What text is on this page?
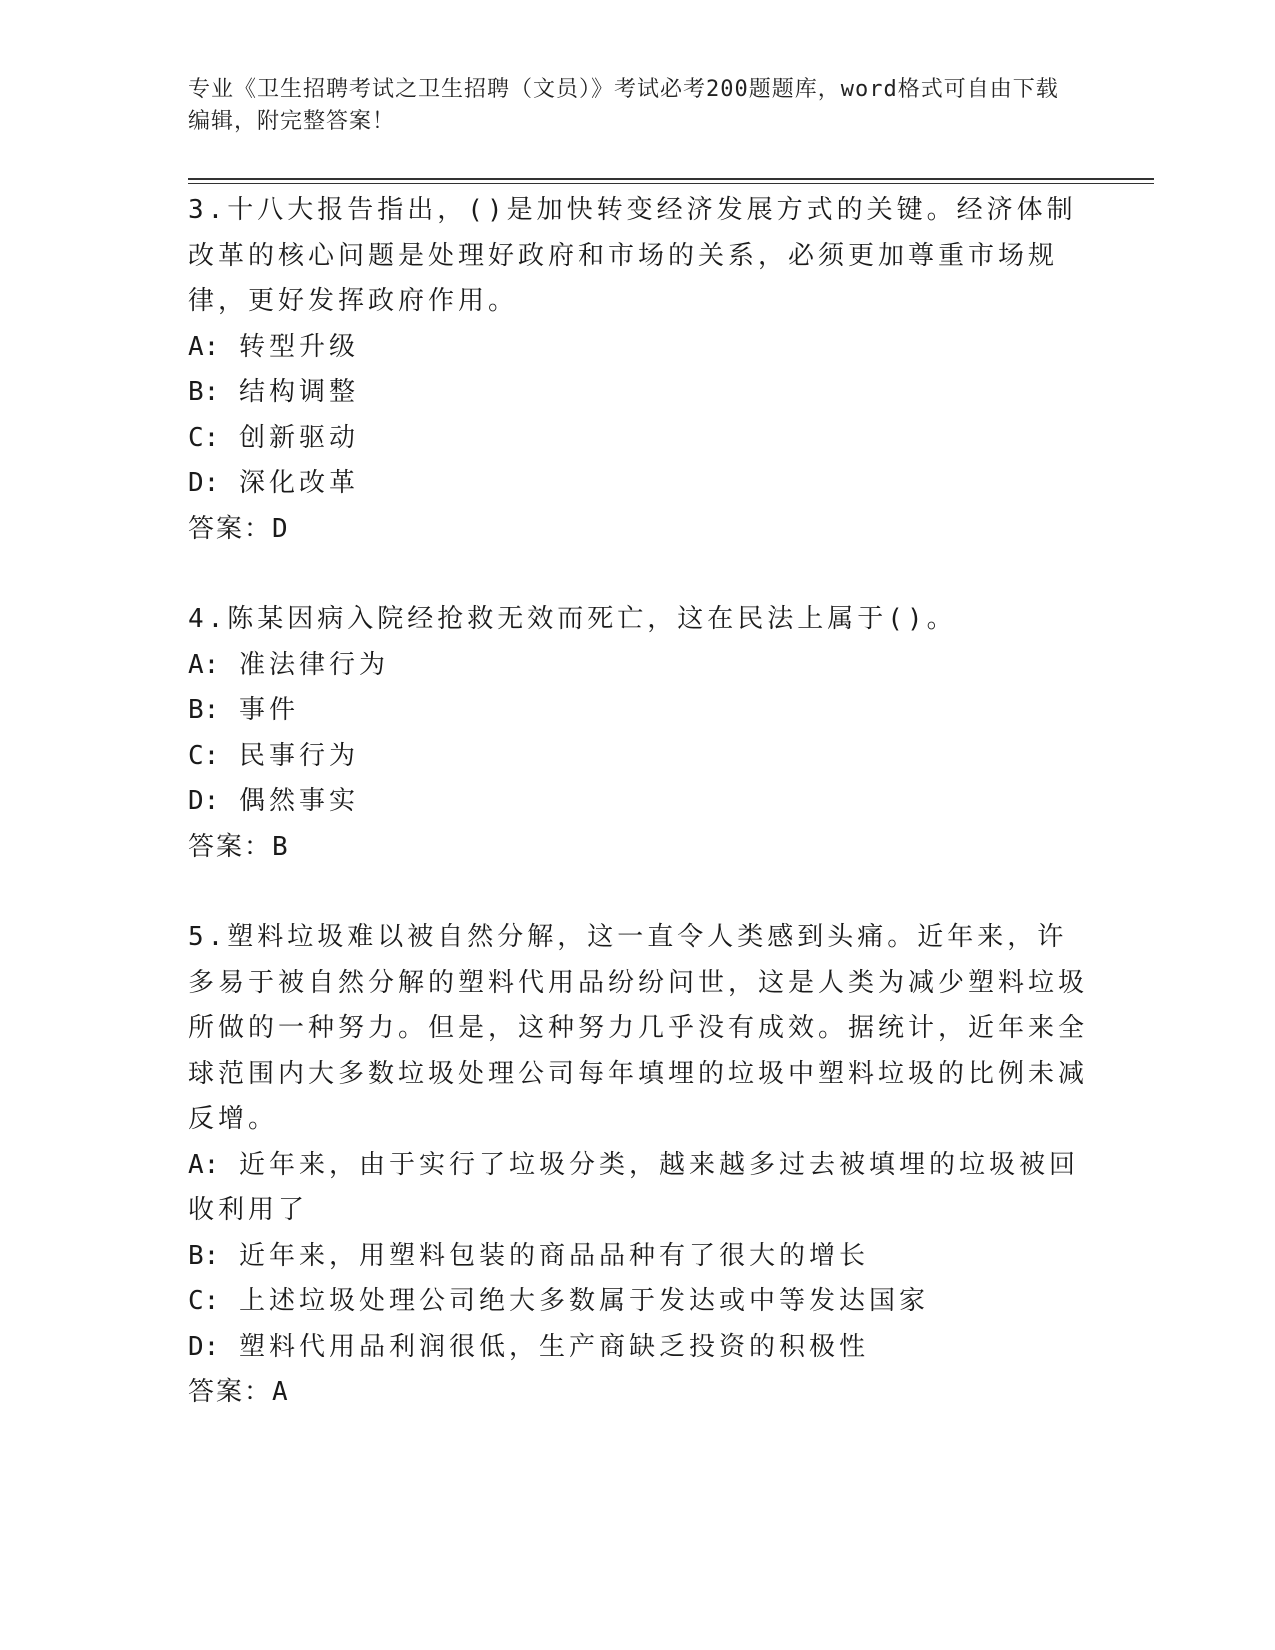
专业《卫生招聘考试之卫生招聘（文员）》考试必考200题题库，word格式可自由下载编辑，附完整答案！
3.十八大报告指出，()是加快转变经济发展方式的关键。经济体制改革的核心问题是处理好政府和市场的关系，必须更加尊重市场规律，更好发挥政府作用。
A: 转型升级
B: 结构调整
C: 创新驱动
D: 深化改革
答案：D
4.陈某因病入院经抢救无效而死亡，这在民法上属于()。
A: 准法律行为
B: 事件
C: 民事行为
D: 偶然事实
答案：B
5.塑料垃圾难以被自然分解，这一直令人类感到头痛。近年来，许多易于被自然分解的塑料代用品纷纷问世，这是人类为减少塑料垃圾所做的一种努力。但是，这种努力几乎没有成效。据统计，近年来全球范围内大多数垃圾处理公司每年填埋的垃圾中塑料垃圾的比例未减反增。
A: 近年来，由于实行了垃圾分类，越来越多过去被填埋的垃圾被回收利用了
B: 近年来，用塑料包装的商品品种有了很大的增长
C: 上述垃圾处理公司绝大多数属于发达或中等发达国家
D: 塑料代用品利润很低，生产商缺乏投资的积极性
答案：A
